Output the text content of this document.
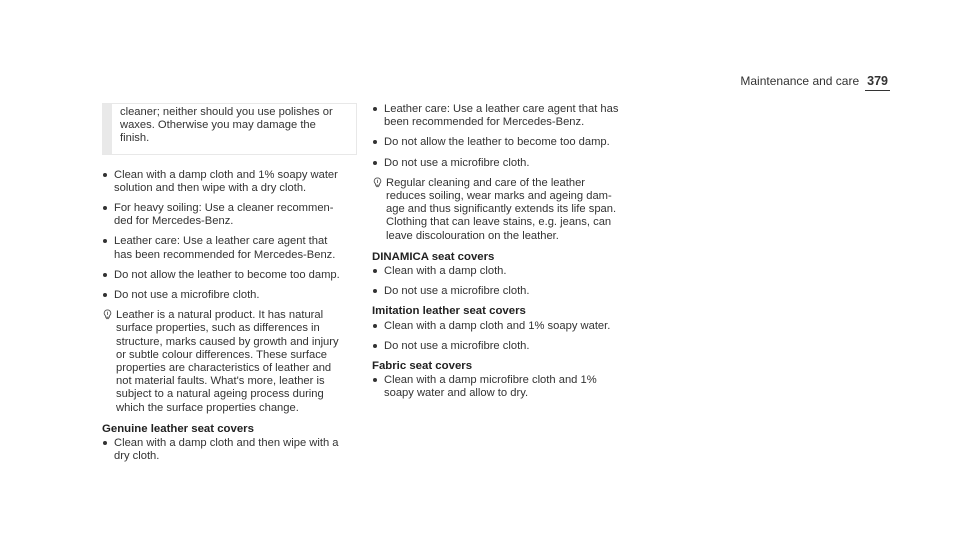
Maintenance and care 379

cleaner; neither should you use polishes or waxes. Otherwise you may damage the finish.

Clean with a damp cloth and 1% soapy water solution and then wipe with a dry cloth.
For heavy soiling: Use a cleaner recommen-ded for Mercedes-Benz.
Leather care: Use a leather care agent that has been recommended for Mercedes-Benz.
Do not allow the leather to become too damp.
Do not use a microfibre cloth.
Leather is a natural product. It has natural surface properties, such as differences in structure, marks caused by growth and injury or subtle colour differences. These surface properties are characteristics of leather and not material faults. What's more, leather is subject to a natural ageing process during which the surface properties change.
Genuine leather seat covers
Clean with a damp cloth and then wipe with a dry cloth.
Leather care: Use a leather care agent that has been recommended for Mercedes-Benz.
Do not allow the leather to become too damp.
Do not use a microfibre cloth.
Regular cleaning and care of the leather reduces soiling, wear marks and ageing dam-age and thus significantly extends its life span. Clothing that can leave stains, e.g. jeans, can leave discolouration on the leather.
DINAMICA seat covers
Clean with a damp cloth.
Do not use a microfibre cloth.
Imitation leather seat covers
Clean with a damp cloth and 1% soapy water.
Do not use a microfibre cloth.
Fabric seat covers
Clean with a damp microfibre cloth and 1% soapy water and allow to dry.
